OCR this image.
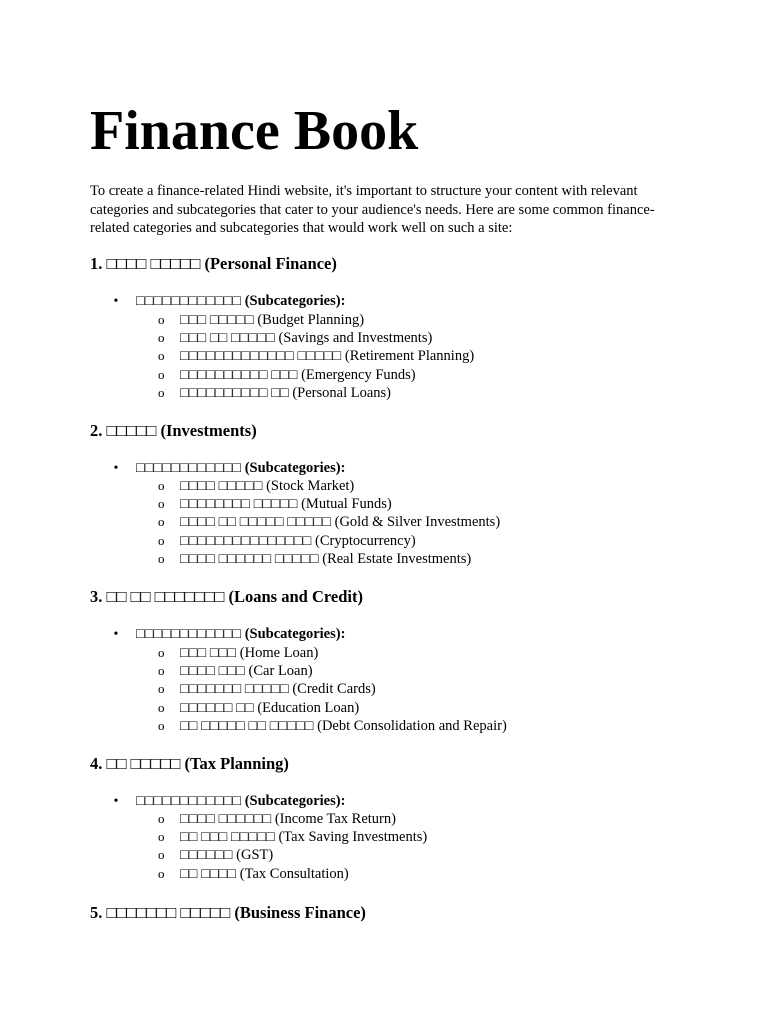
Finance Book

To create a finance-related Hindi website, it's important to structure your content with relevant categories and subcategories that cater to your audience's needs. Here are some common finance-related categories and subcategories that would work well on such a site:

1. □□□□ □□□□□ (Personal Finance)
• □□□□□□□□□□□□ (Subcategories):
o □□□ □□□□□ (Budget Planning)
o □□□ □□ □□□□□ (Savings and Investments)
o □□□□□□□□□□□□□ □□□□□ (Retirement Planning)
o □□□□□□□□□□ □□□ (Emergency Funds)
o □□□□□□□□□□ □□ (Personal Loans)
2. □□□□□ (Investments)
• □□□□□□□□□□□□ (Subcategories):
o □□□□ □□□□□ (Stock Market)
o □□□□□□□□ □□□□□ (Mutual Funds)
o □□□□ □□ □□□□□ □□□□□ (Gold & Silver Investments)
o □□□□□□□□□□□□□□□ (Cryptocurrency)
o □□□□ □□□□□□ □□□□□ (Real Estate Investments)
3. □□ □□ □□□□□□□ (Loans and Credit)
• □□□□□□□□□□□□ (Subcategories):
o □□□ □□□ (Home Loan)
o □□□□ □□□ (Car Loan)
o □□□□□□□ □□□□□ (Credit Cards)
o □□□□□□ □□ (Education Loan)
o □□ □□□□□ □□ □□□□□ (Debt Consolidation and Repair)
4. □□ □□□□□ (Tax Planning)
• □□□□□□□□□□□□ (Subcategories):
o □□□□ □□□□□□ (Income Tax Return)
o □□ □□□ □□□□□ (Tax Saving Investments)
o □□□□□□ (GST)
o □□ □□□□ (Tax Consultation)
5. □□□□□□□ □□□□□ (Business Finance)
